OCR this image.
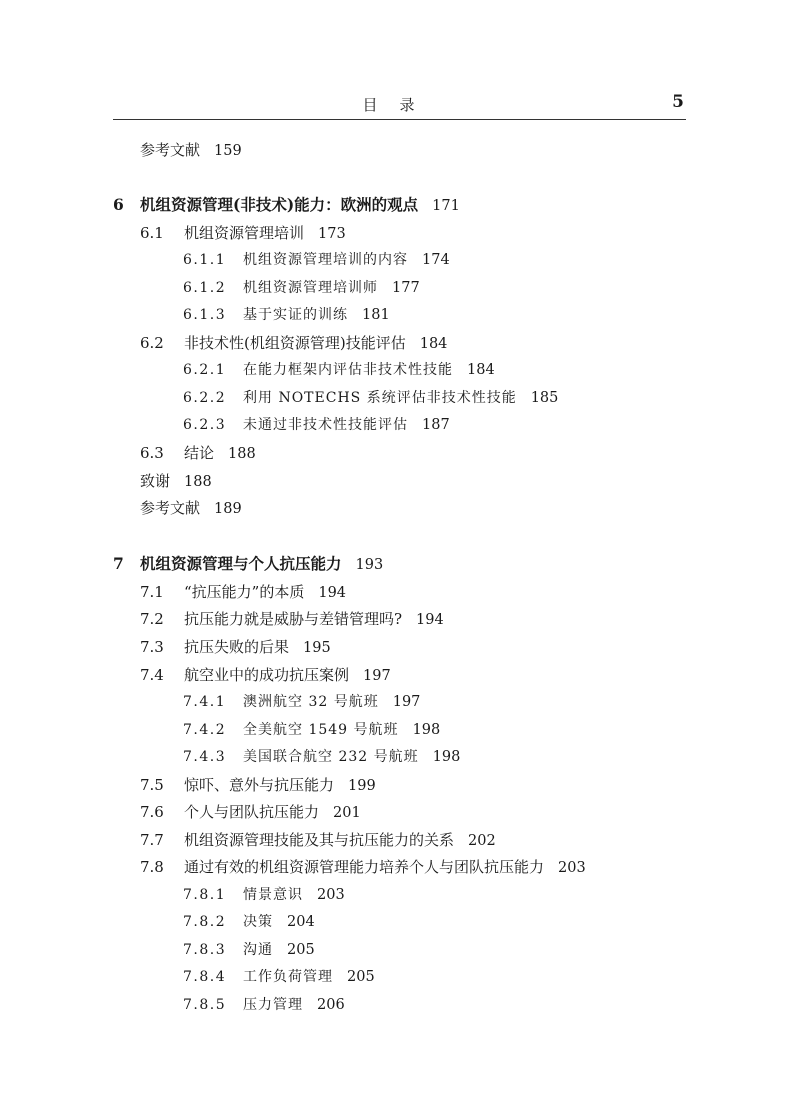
目录	5
参考文献 159
6 机组资源管理(非技术)能力：欧洲的观点 171
6.1 机组资源管理培训 173
6.1.1 机组资源管理培训的内容 174
6.1.2 机组资源管理培训师 177
6.1.3 基于实证的训练 181
6.2 非技术性(机组资源管理)技能评估 184
6.2.1 在能力框架内评估非技术性技能 184
6.2.2 利用 NOTECHS 系统评估非技术性技能 185
6.2.3 未通过非技术性技能评估 187
6.3 结论 188
致谢 188
参考文献 189
7 机组资源管理与个人抗压能力 193
7.1 “抗压能力”的本质 194
7.2 抗压能力就是威胁与差错管理吗? 194
7.3 抗压失败的后果 195
7.4 航空业中的成功抗压案例 197
7.4.1 澳洲航空 32 号航班 197
7.4.2 全美航空 1549 号航班 198
7.4.3 美国联合航空 232 号航班 198
7.5 惊吓、意外与抗压能力 199
7.6 个人与团队抗压能力 201
7.7 机组资源管理技能及其与抗压能力的关系 202
7.8 通过有效的机组资源管理能力培养个人与团队抗压能力 203
7.8.1 情景意识 203
7.8.2 决策 204
7.8.3 沟通 205
7.8.4 工作负荷管理 205
7.8.5 压力管理 206
